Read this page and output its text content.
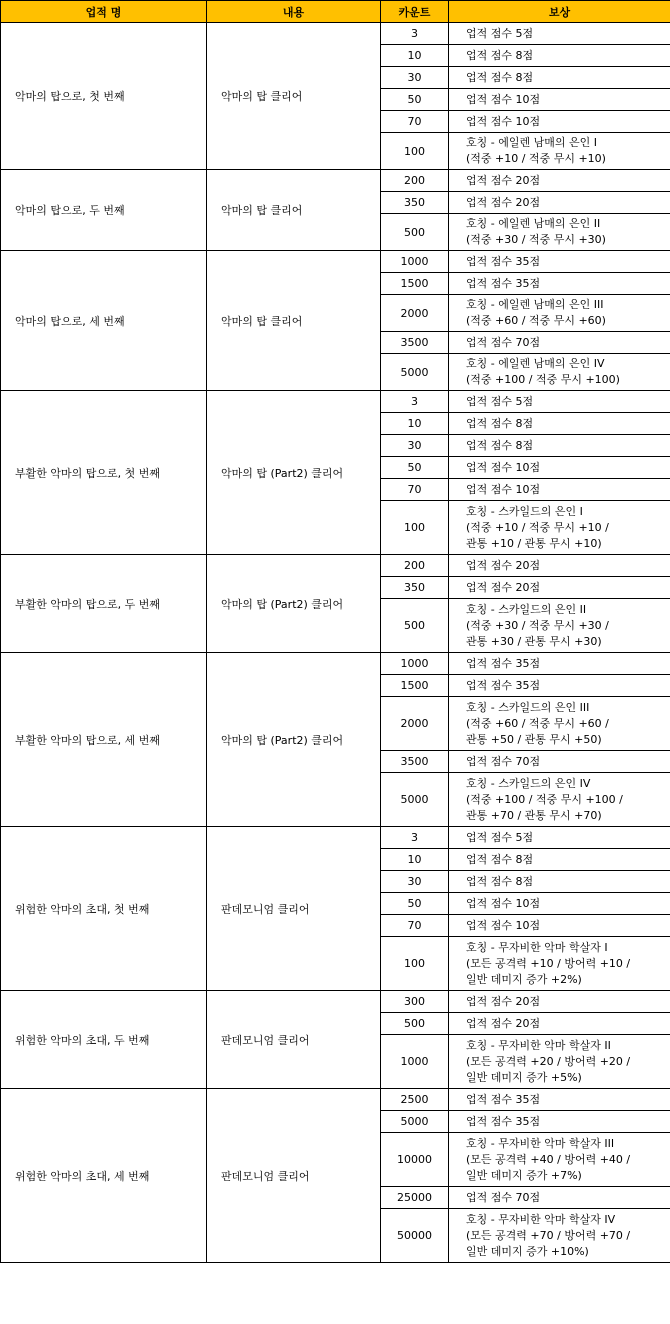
업적 명	내용	카운트	보상
악마의 탑으로, 첫 번째	악마의 탑 클리어	3	업적 점수 5점

		10	업적 점수 8점

		30	업적 점수 8점

		50	업적 점수 10점

		70	업적 점수 10점

		100	호칭 - 에일렌 남매의 은인 I
(적중 +10 / 적중 무시 +10)

악마의 탑으로, 두 번째	악마의 탑 클리어	200	업적 점수 20점

		350	업적 점수 20점

		500	호칭 - 에일렌 남매의 은인 II
(적중 +30 / 적중 무시 +30)

악마의 탑으로, 세 번째	악마의 탑 클리어	1000	업적 점수 35점

		1500	업적 점수 35점

		2000	호칭 - 에일렌 남매의 은인 III
(적중 +60 / 적중 무시 +60)

		3500	업적 점수 70점

		5000	호칭 - 에일렌 남매의 은인 IV
(적중 +100 / 적중 무시 +100)

부활한 악마의 탑으로, 첫 번째	악마의 탑 (Part2) 클리어	3	업적 점수 5점

		10	업적 점수 8점

		30	업적 점수 8점

		50	업적 점수 10점

		70	업적 점수 10점

		100	호칭 - 스카일드의 은인 I
(적중 +10 / 적중 무시 +10 /
관통 +10 / 관통 무시 +10)

부활한 악마의 탑으로, 두 번째	악마의 탑 (Part2) 클리어	200	업적 점수 20점

		350	업적 점수 20점

		500	호칭 - 스카일드의 은인 II
(적중 +30 / 적중 무시 +30 /
관통 +30 / 관통 무시 +30)

부활한 악마의 탑으로, 세 번째	악마의 탑 (Part2) 클리어	1000	업적 점수 35점

		1500	업적 점수 35점

		2000	호칭 - 스카일드의 은인 III
(적중 +60 / 적중 무시 +60 /
관통 +50 / 관통 무시 +50)

		3500	업적 점수 70점

		5000	호칭 - 스카일드의 은인 IV
(적중 +100 / 적중 무시 +100 /
관통 +70 / 관통 무시 +70)

위험한 악마의 초대, 첫 번째	판데모니엄 클리어	3	업적 점수 5점

		10	업적 점수 8점

		30	업적 점수 8점

		50	업적 점수 10점

		70	업적 점수 10점

		100	호칭 - 무자비한 악마 학살자 I
(모든 공격력 +10 / 방어력 +10 /
일반 데미지 증가 +2%)

위험한 악마의 초대, 두 번째	판데모니엄 클리어	300	업적 점수 20점

		500	업적 점수 20점

		1000	호칭 - 무자비한 악마 학살자 II
(모든 공격력 +20 / 방어력 +20 /
일반 데미지 증가 +5%)

위험한 악마의 초대, 세 번째	판데모니엄 클리어	2500	업적 점수 35점

		5000	업적 점수 35점

		10000	호칭 - 무자비한 악마 학살자 III
(모든 공격력 +40 / 방어력 +40 /
일반 데미지 증가 +7%)

		25000	업적 점수 70점

		50000	호칭 - 무자비한 악마 학살자 IV
(모든 공격력 +70 / 방어력 +70 /
일반 데미지 증가 +10%)
